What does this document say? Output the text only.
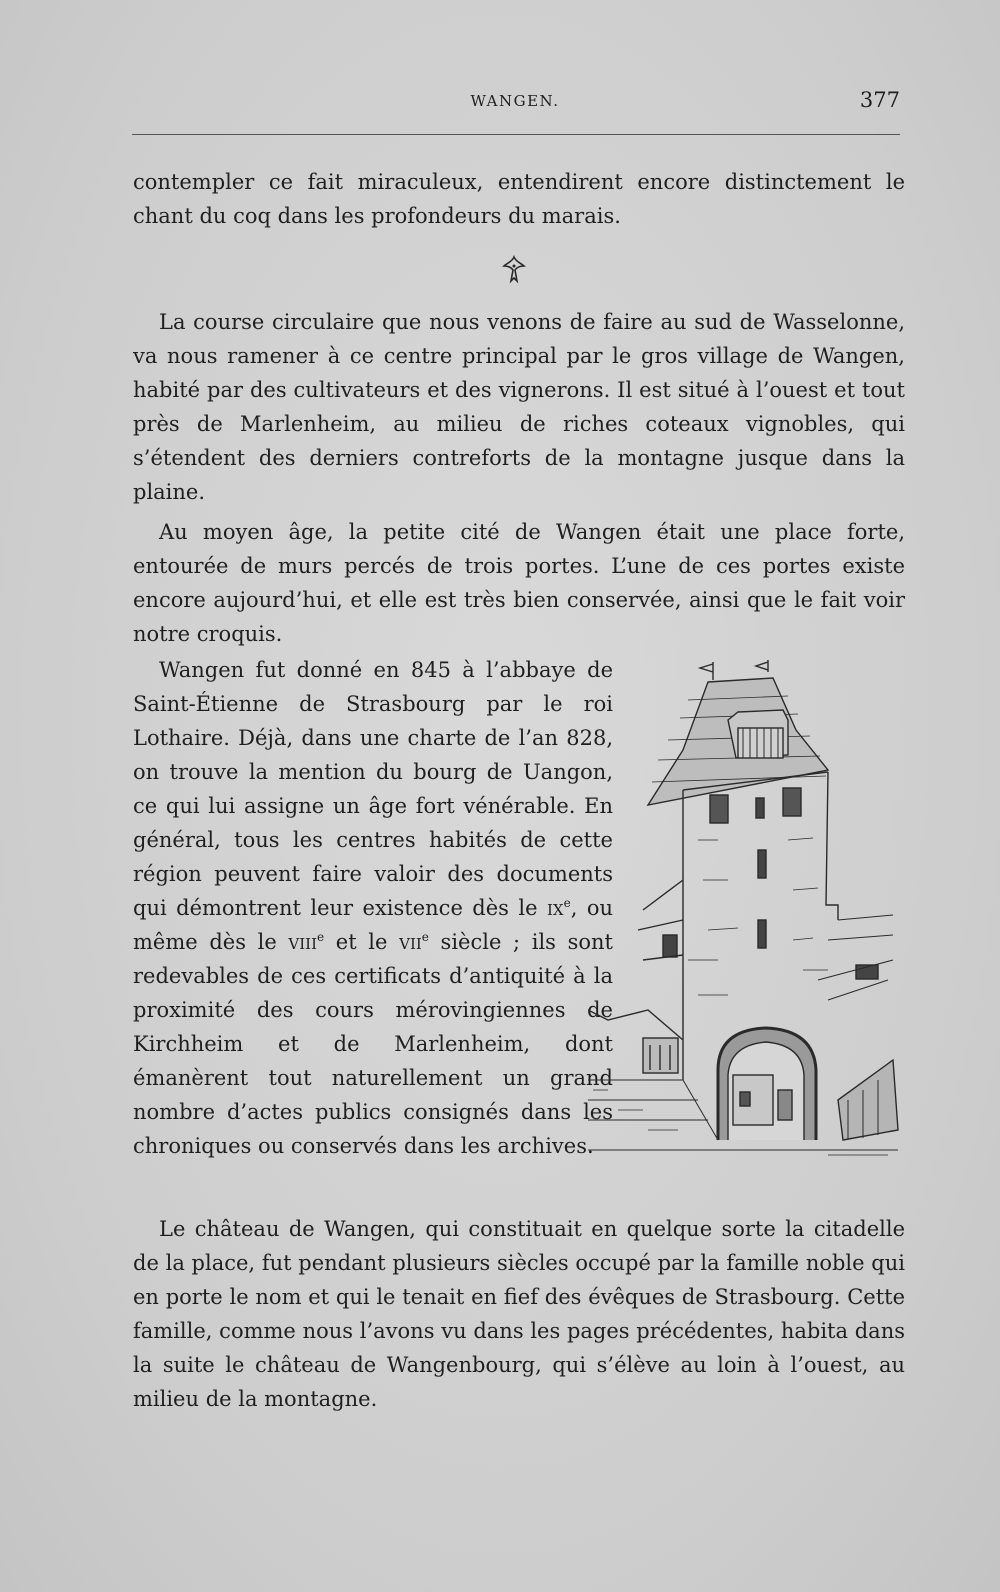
WANGEN.	377

contempler ce fait miraculeux, entendirent encore distinctement le chant du coq dans les profondeurs du marais.

La course circulaire que nous venons de faire au sud de Wasselonne, va nous ramener à ce centre principal par le gros village de Wangen, habité par des cultivateurs et des vignerons. Il est situé à l’ouest et tout près de Marlenheim, au milieu de riches coteaux vignobles, qui s’étendent des derniers contreforts de la montagne jusque dans la plaine.

Au moyen âge, la petite cité de Wangen était une place forte, entourée de murs percés de trois portes. L’une de ces portes existe encore aujourd’hui, et elle est très bien conservée, ainsi que le fait voir notre croquis.

Wangen fut donné en 845 à l’abbaye de Saint-Étienne de Strasbourg par le roi Lothaire. Déjà, dans une charte de l’an 828, on trouve la mention du bourg de Uangon, ce qui lui assigne un âge fort vénérable. En général, tous les centres habités de cette région peuvent faire valoir des documents qui démontrent leur existence dès le $ix^e$, ou même dès le viii$^e$ et le vii$^e$ siècle ; ils sont redevables de ces certificats d’antiquité à la proximité des cours mérovingiennes de Kirchheim et de Marlenheim, dont émanèrent tout naturellement un grand nombre d’actes publics consignés dans les chroniques ou conservés dans les archives.

Le château de Wangen, qui constituait en quelque sorte la citadelle de la place, fut pendant plusieurs siècles occupé par la famille noble qui en porte le nom et qui le tenait en fief des évêques de Strasbourg. Cette famille, comme nous l’avons vu dans les pages précédentes, habita dans la suite le château de Wangenbourg, qui s’élève au loin à l’ouest, au milieu de la montagne.
